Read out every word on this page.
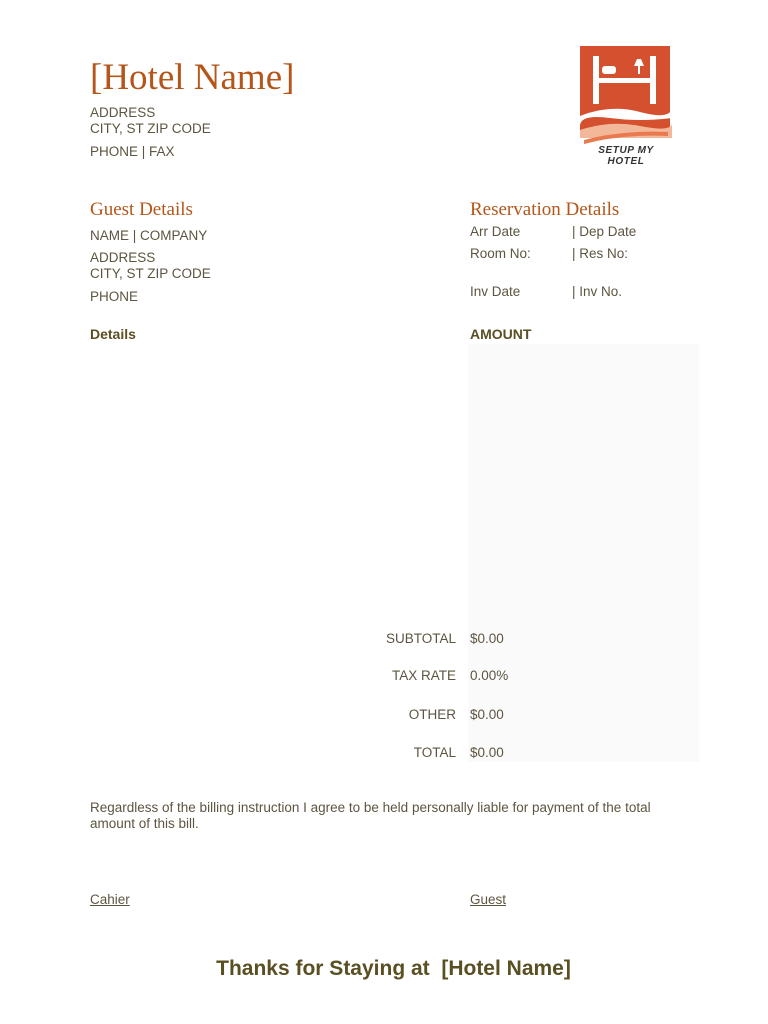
[Hotel Name]
ADDRESS
CITY, ST ZIP CODE
PHONE | FAX	SETUP MY HOTEL
Guest Details
NAME | COMPANY
ADDRESS
CITY, ST ZIP CODE
PHONE
Reservation Details
Arr Date	| Dep Date
Room No:	| Res No:
Inv Date	| Inv No.
Details	AMOUNT
SUBTOTAL $0.00
TAX RATE 0.00%
OTHER $0.00
TOTAL $0.00
Regardless of the billing instruction I agree to be held personally liable for payment of the total amount of this bill.
Cahier	Guest
Thanks for Staying at  [Hotel Name]
